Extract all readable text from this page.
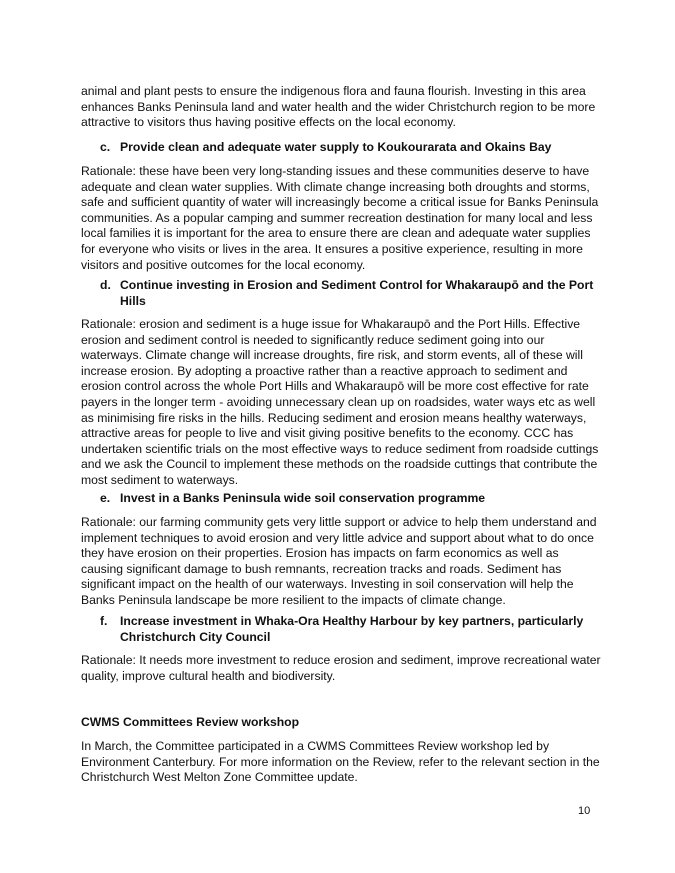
animal and plant pests to ensure the indigenous flora and fauna flourish. Investing in this area enhances Banks Peninsula land and water health and the wider Christchurch region to be more attractive to visitors thus having positive effects on the local economy.

c. Provide clean and adequate water supply to Koukourarata and Okains Bay

Rationale: these have been very long-standing issues and these communities deserve to have adequate and clean water supplies. With climate change increasing both droughts and storms, safe and sufficient quantity of water will increasingly become a critical issue for Banks Peninsula communities. As a popular camping and summer recreation destination for many local and less local families it is important for the area to ensure there are clean and adequate water supplies for everyone who visits or lives in the area. It ensures a positive experience, resulting in more visitors and positive outcomes for the local economy.

d. Continue investing in Erosion and Sediment Control for Whakaraupō and the Port Hills

Rationale: erosion and sediment is a huge issue for Whakaraupō and the Port Hills. Effective erosion and sediment control is needed to significantly reduce sediment going into our waterways. Climate change will increase droughts, fire risk, and storm events, all of these will increase erosion. By adopting a proactive rather than a reactive approach to sediment and erosion control across the whole Port Hills and Whakaraupō will be more cost effective for rate payers in the longer term - avoiding unnecessary clean up on roadsides, water ways etc as well as minimising fire risks in the hills. Reducing sediment and erosion means healthy waterways, attractive areas for people to live and visit giving positive benefits to the economy. CCC has undertaken scientific trials on the most effective ways to reduce sediment from roadside cuttings and we ask the Council to implement these methods on the roadside cuttings that contribute the most sediment to waterways.

e. Invest in a Banks Peninsula wide soil conservation programme

Rationale: our farming community gets very little support or advice to help them understand and implement techniques to avoid erosion and very little advice and support about what to do once they have erosion on their properties. Erosion has impacts on farm economics as well as causing significant damage to bush remnants, recreation tracks and roads. Sediment has significant impact on the health of our waterways. Investing in soil conservation will help the Banks Peninsula landscape be more resilient to the impacts of climate change.

f.	Increase investment in Whaka-Ora Healthy Harbour by key partners, particularly Christchurch City Council

Rationale: It needs more investment to reduce erosion and sediment, improve recreational water quality, improve cultural health and biodiversity.

CWMS Committees Review workshop

In March, the Committee participated in a CWMS Committees Review workshop led by Environment Canterbury. For more information on the Review, refer to the relevant section in the Christchurch West Melton Zone Committee update.

10
